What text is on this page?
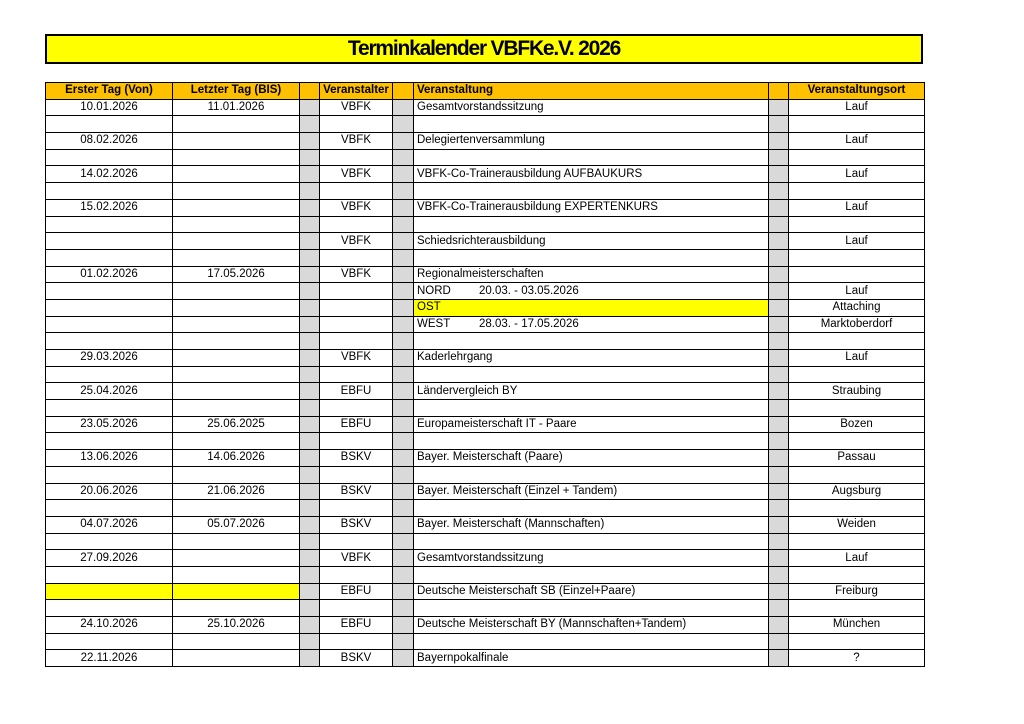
Terminkalender VBFKe.V. 2026
Erster Tag (Von)	Letzter Tag (BIS)		Veranstalter		Veranstaltung		Veranstaltungsort
10.01.2026	11.01.2026		VBFK		Gesamtvorstandssitzung		Lauf

08.02.2026			VBFK		Delegiertenversammlung		Lauf

14.02.2026			VBFK		VBFK-Co-Trainerausbildung AUFBAUKURS		Lauf

15.02.2026			VBFK		VBFK-Co-Trainerausbildung EXPERTENKURS		Lauf

			VBFK		Schiedsrichterausbildung		Lauf

01.02.2026	17.05.2026		VBFK		Regionalmeisterschaften		
					NORD 20.03. - 03.05.2026		Lauf
					OST		Attaching
					WEST 28.03. - 17.05.2026		Marktoberdorf

29.03.2026			VBFK		Kaderlehrgang		Lauf

25.04.2026			EBFU		Ländervergleich BY		Straubing

23.05.2026	25.06.2025		EBFU		Europameisterschaft IT - Paare		Bozen

13.06.2026	14.06.2026		BSKV		Bayer. Meisterschaft (Paare)		Passau

20.06.2026	21.06.2026		BSKV		Bayer. Meisterschaft (Einzel + Tandem)		Augsburg

04.07.2026	05.07.2026		BSKV		Bayer. Meisterschaft (Mannschaften)		Weiden

27.09.2026			VBFK		Gesamtvorstandssitzung		Lauf

			EBFU		Deutsche Meisterschaft SB (Einzel+Paare)		Freiburg

24.10.2026	25.10.2026		EBFU		Deutsche Meisterschaft BY (Mannschaften+Tandem)		München

22.11.2026			BSKV		Bayernpokalfinale		?
